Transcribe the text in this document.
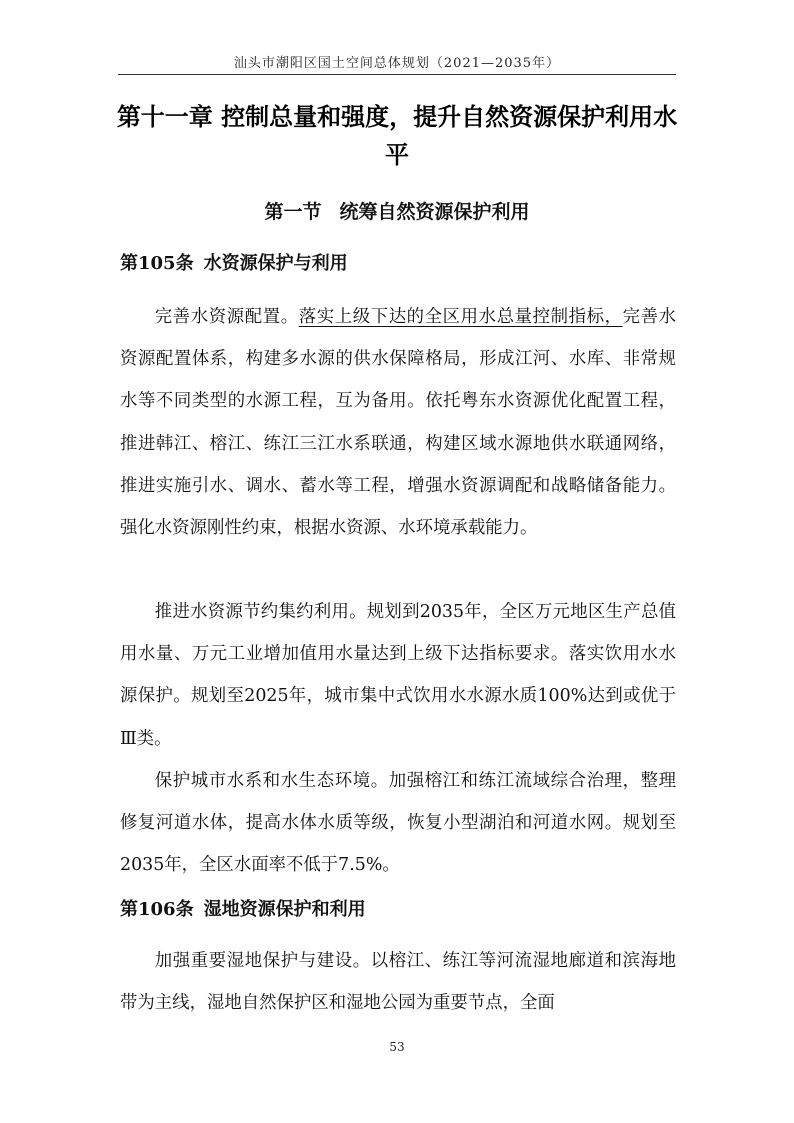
汕头市潮阳区国土空间总体规划（2021—2035年）
第十一章 控制总量和强度，提升自然资源保护利用水平
第一节 统筹自然资源保护利用
第105条 水资源保护与利用

完善水资源配置。落实上级下达的全区用水总量控制指标，完善水资源配置体系，构建多水源的供水保障格局，形成江河、水库、非常规水等不同类型的水源工程，互为备用。依托粤东水资源优化配置工程，推进韩江、榕江、练江三江水系联通，构建区域水源地供水联通网络，推进实施引水、调水、蓄水等工程，增强水资源调配和战略储备能力。强化水资源刚性约束，根据水资源、水环境承载能力。

推进水资源节约集约利用。规划到2035年，全区万元地区生产总值用水量、万元工业增加值用水量达到上级下达指标要求。落实饮用水水源保护。规划至2025年，城市集中式饮用水水源水质100%达到或优于Ⅲ类。

保护城市水系和水生态环境。加强榕江和练江流域综合治理，整理修复河道水体，提高水体水质等级，恢复小型湖泊和河道水网。规划至2035年，全区水面率不低于7.5%。

第106条 湿地资源保护和利用

加强重要湿地保护与建设。以榕江、练江等河流湿地廊道和滨海地带为主线，湿地自然保护区和湿地公园为重要节点，全面

53
